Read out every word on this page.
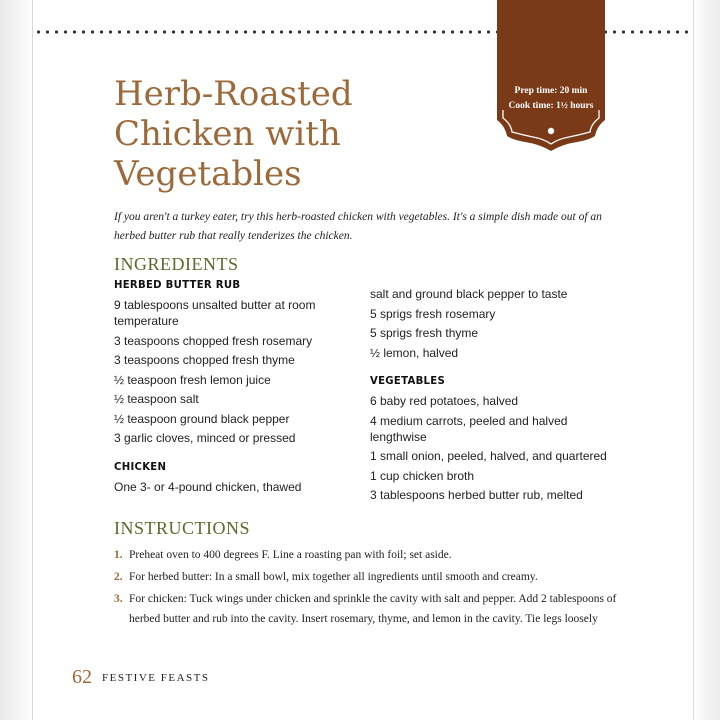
Prep time: 20 min
Cook time: 1½ hours
Herb-Roasted
Chicken with
Vegetables

If you aren't a turkey eater, try this herb-roasted chicken with vegetables. It's a simple dish made out of an herbed butter rub that really tenderizes the chicken.

INGREDIENTS
HERBED BUTTER RUB
9 tablespoons unsalted butter at room temperature
3 teaspoons chopped fresh rosemary
3 teaspoons chopped fresh thyme
½ teaspoon fresh lemon juice
½ teaspoon salt
½ teaspoon ground black pepper
3 garlic cloves, minced or pressed
CHICKEN
One 3- or 4-pound chicken, thawed
salt and ground black pepper to taste
5 sprigs fresh rosemary
5 sprigs fresh thyme
½ lemon, halved
VEGETABLES
6 baby red potatoes, halved
4 medium carrots, peeled and halved lengthwise
1 small onion, peeled, halved, and quartered
1 cup chicken broth
3 tablespoons herbed butter rub, melted
INSTRUCTIONS
1. Preheat oven to 400 degrees F. Line a roasting pan with foil; set aside.
2. For herbed butter: In a small bowl, mix together all ingredients until smooth and creamy.
3. For chicken: Tuck wings under chicken and sprinkle the cavity with salt and pepper. Add 2 tablespoons of herbed butter and rub into the cavity. Insert rosemary, thyme, and lemon in the cavity. Tie legs loosely
62 FESTIVE FEASTS
